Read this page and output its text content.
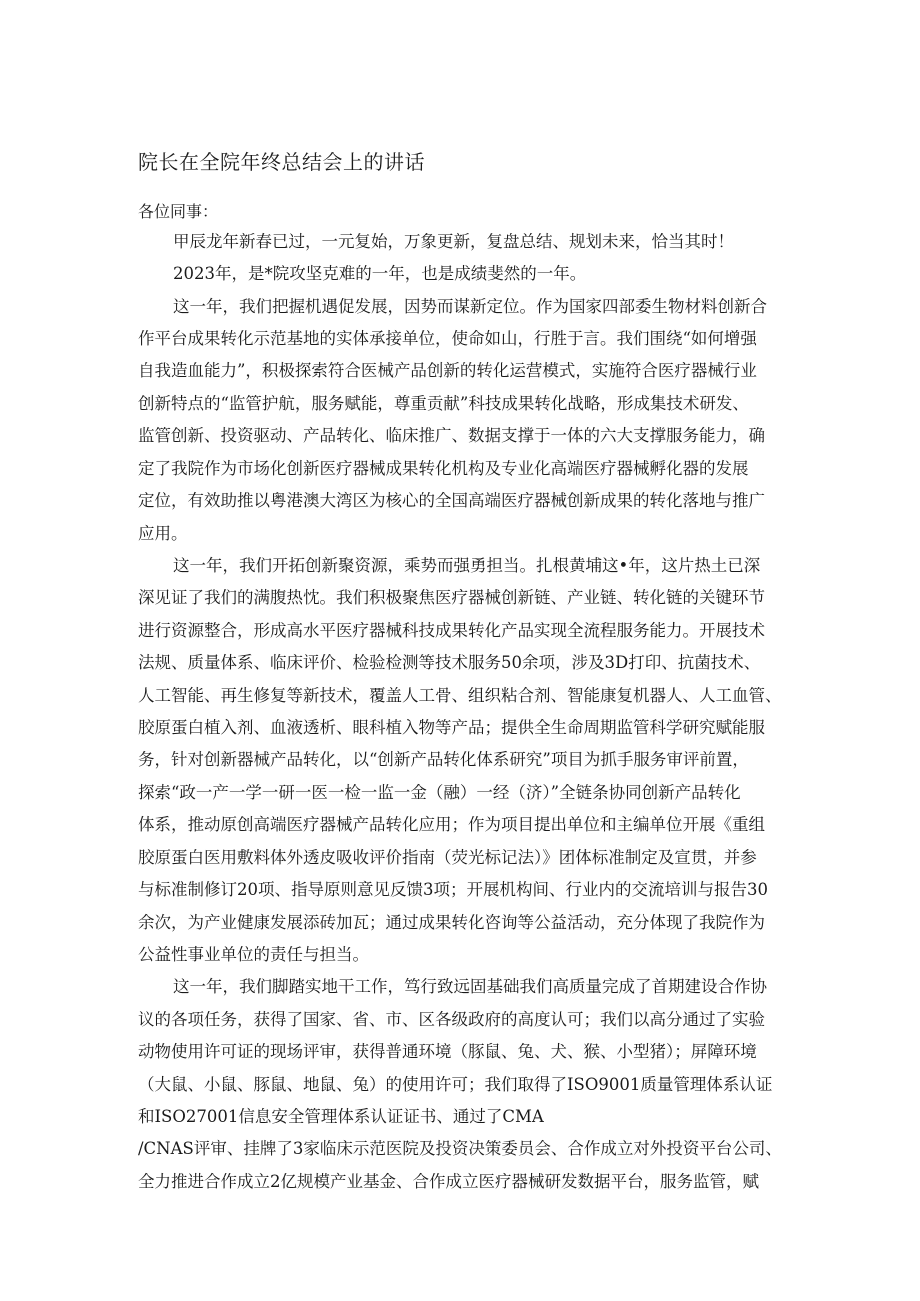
院长在全院年终总结会上的讲话
各位同事：
甲辰龙年新春已过，一元复始，万象更新，复盘总结、规划未来，恰当其时！
2023年，是*院攻坚克难的一年，也是成绩斐然的一年。
这一年，我们把握机遇促发展，因势而谋新定位。作为国家四部委生物材料创新合
作平台成果转化示范基地的实体承接单位，使命如山，行胜于言。我们围绕“如何增强
自我造血能力”，积极探索符合医械产品创新的转化运营模式，实施符合医疗器械行业
创新特点的“监管护航，服务赋能，尊重贡献”科技成果转化战略，形成集技术研发、
监管创新、投资驱动、产品转化、临床推广、数据支撑于一体的六大支撑服务能力，确
定了我院作为市场化创新医疗器械成果转化机构及专业化高端医疗器械孵化器的发展
定位，有效助推以粤港澳大湾区为核心的全国高端医疗器械创新成果的转化落地与推广
应用。
这一年，我们开拓创新聚资源，乘势而强勇担当。扎根黄埔这•年，这片热土已深
深见证了我们的满腹热忱。我们积极聚焦医疗器械创新链、产业链、转化链的关键环节
进行资源整合，形成高水平医疗器械科技成果转化产品实现全流程服务能力。开展技术
法规、质量体系、临床评价、检验检测等技术服务50余项，涉及3D打印、抗菌技术、
人工智能、再生修复等新技术，覆盖人工骨、组织粘合剂、智能康复机器人、人工血管、
胶原蛋白植入剂、血液透析、眼科植入物等产品；提供全生命周期监管科学研究赋能服
务，针对创新器械产品转化，以“创新产品转化体系研究”项目为抓手服务审评前置，
探索“政一产一学一研一医一检一监一金（融）一经（济）”全链条协同创新产品转化
体系，推动原创高端医疗器械产品转化应用；作为项目提出单位和主编单位开展《重组
胶原蛋白医用敷料体外透皮吸收评价指南（荧光标记法）》团体标准制定及宣贯，并参
与标准制修订20项、指导原则意见反馈3项；开展机构间、行业内的交流培训与报告30
余次，为产业健康发展添砖加瓦；通过成果转化咨询等公益活动，充分体现了我院作为
公益性事业单位的责任与担当。
这一年，我们脚踏实地干工作，笃行致远固基础我们高质量完成了首期建设合作协
议的各项任务，获得了国家、省、市、区各级政府的高度认可；我们以高分通过了实验
动物使用许可证的现场评审，获得普通环境（豚鼠、兔、犬、猴、小型猪）；屏障环境
（大鼠、小鼠、豚鼠、地鼠、兔）的使用许可；我们取得了ISO9001质量管理体系认证
和ISO27001信息安全管理体系认证证书、通过了CMA
/CNAS评审、挂牌了3家临床示范医院及投资决策委员会、合作成立对外投资平台公司、
全力推进合作成立2亿规模产业基金、合作成立医疗器械研发数据平台，服务监管，赋
